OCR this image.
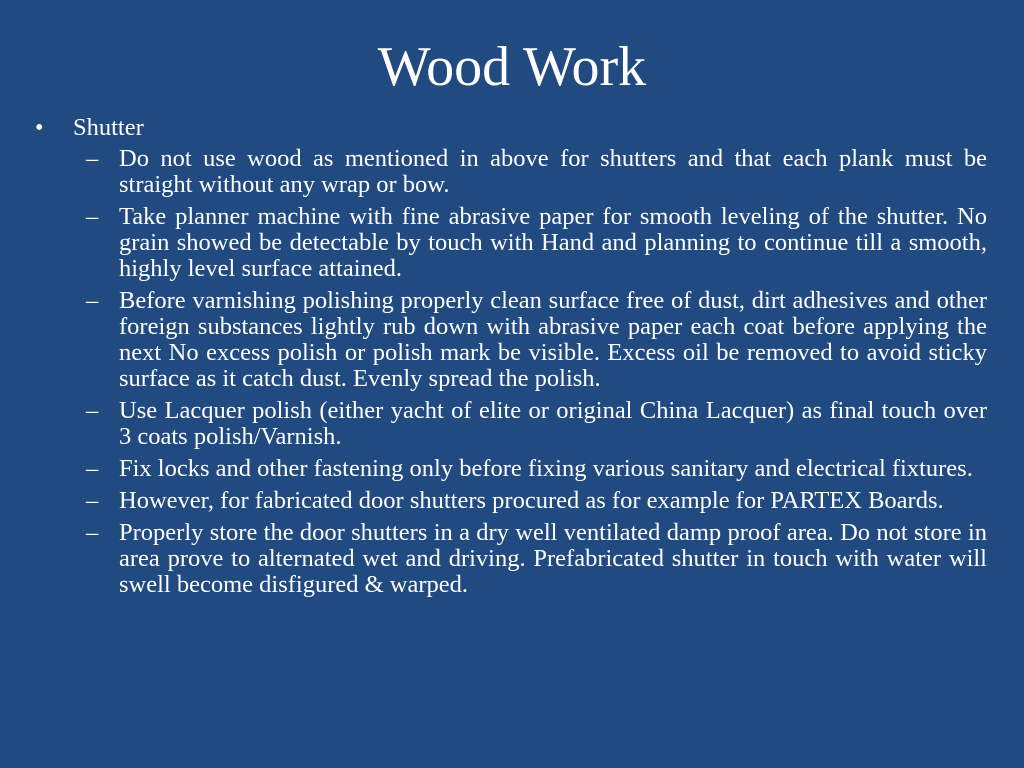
Wood Work
• Shutter
– Do not use wood as mentioned in above for shutters and that each plank must be straight without any wrap or bow.
– Take planner machine with fine abrasive paper for smooth leveling of the shutter. No grain showed be detectable by touch with Hand and planning to continue till a smooth, highly level surface attained.
– Before varnishing polishing properly clean surface free of dust, dirt adhesives and other foreign substances lightly rub down with abrasive paper each coat before applying the next No excess polish or polish mark be visible. Excess oil be removed to avoid sticky surface as it catch dust. Evenly spread the polish.
– Use Lacquer polish (either yacht of elite or original China Lacquer) as final touch over 3 coats polish/Varnish.
– Fix locks and other fastening only before fixing various sanitary and electrical fixtures.
– However, for fabricated door shutters procured as for example for PARTEX Boards.
– Properly store the door shutters in a dry well ventilated damp proof area. Do not store in area prove to alternated wet and driving. Prefabricated shutter in touch with water will swell become disfigured & warped.
